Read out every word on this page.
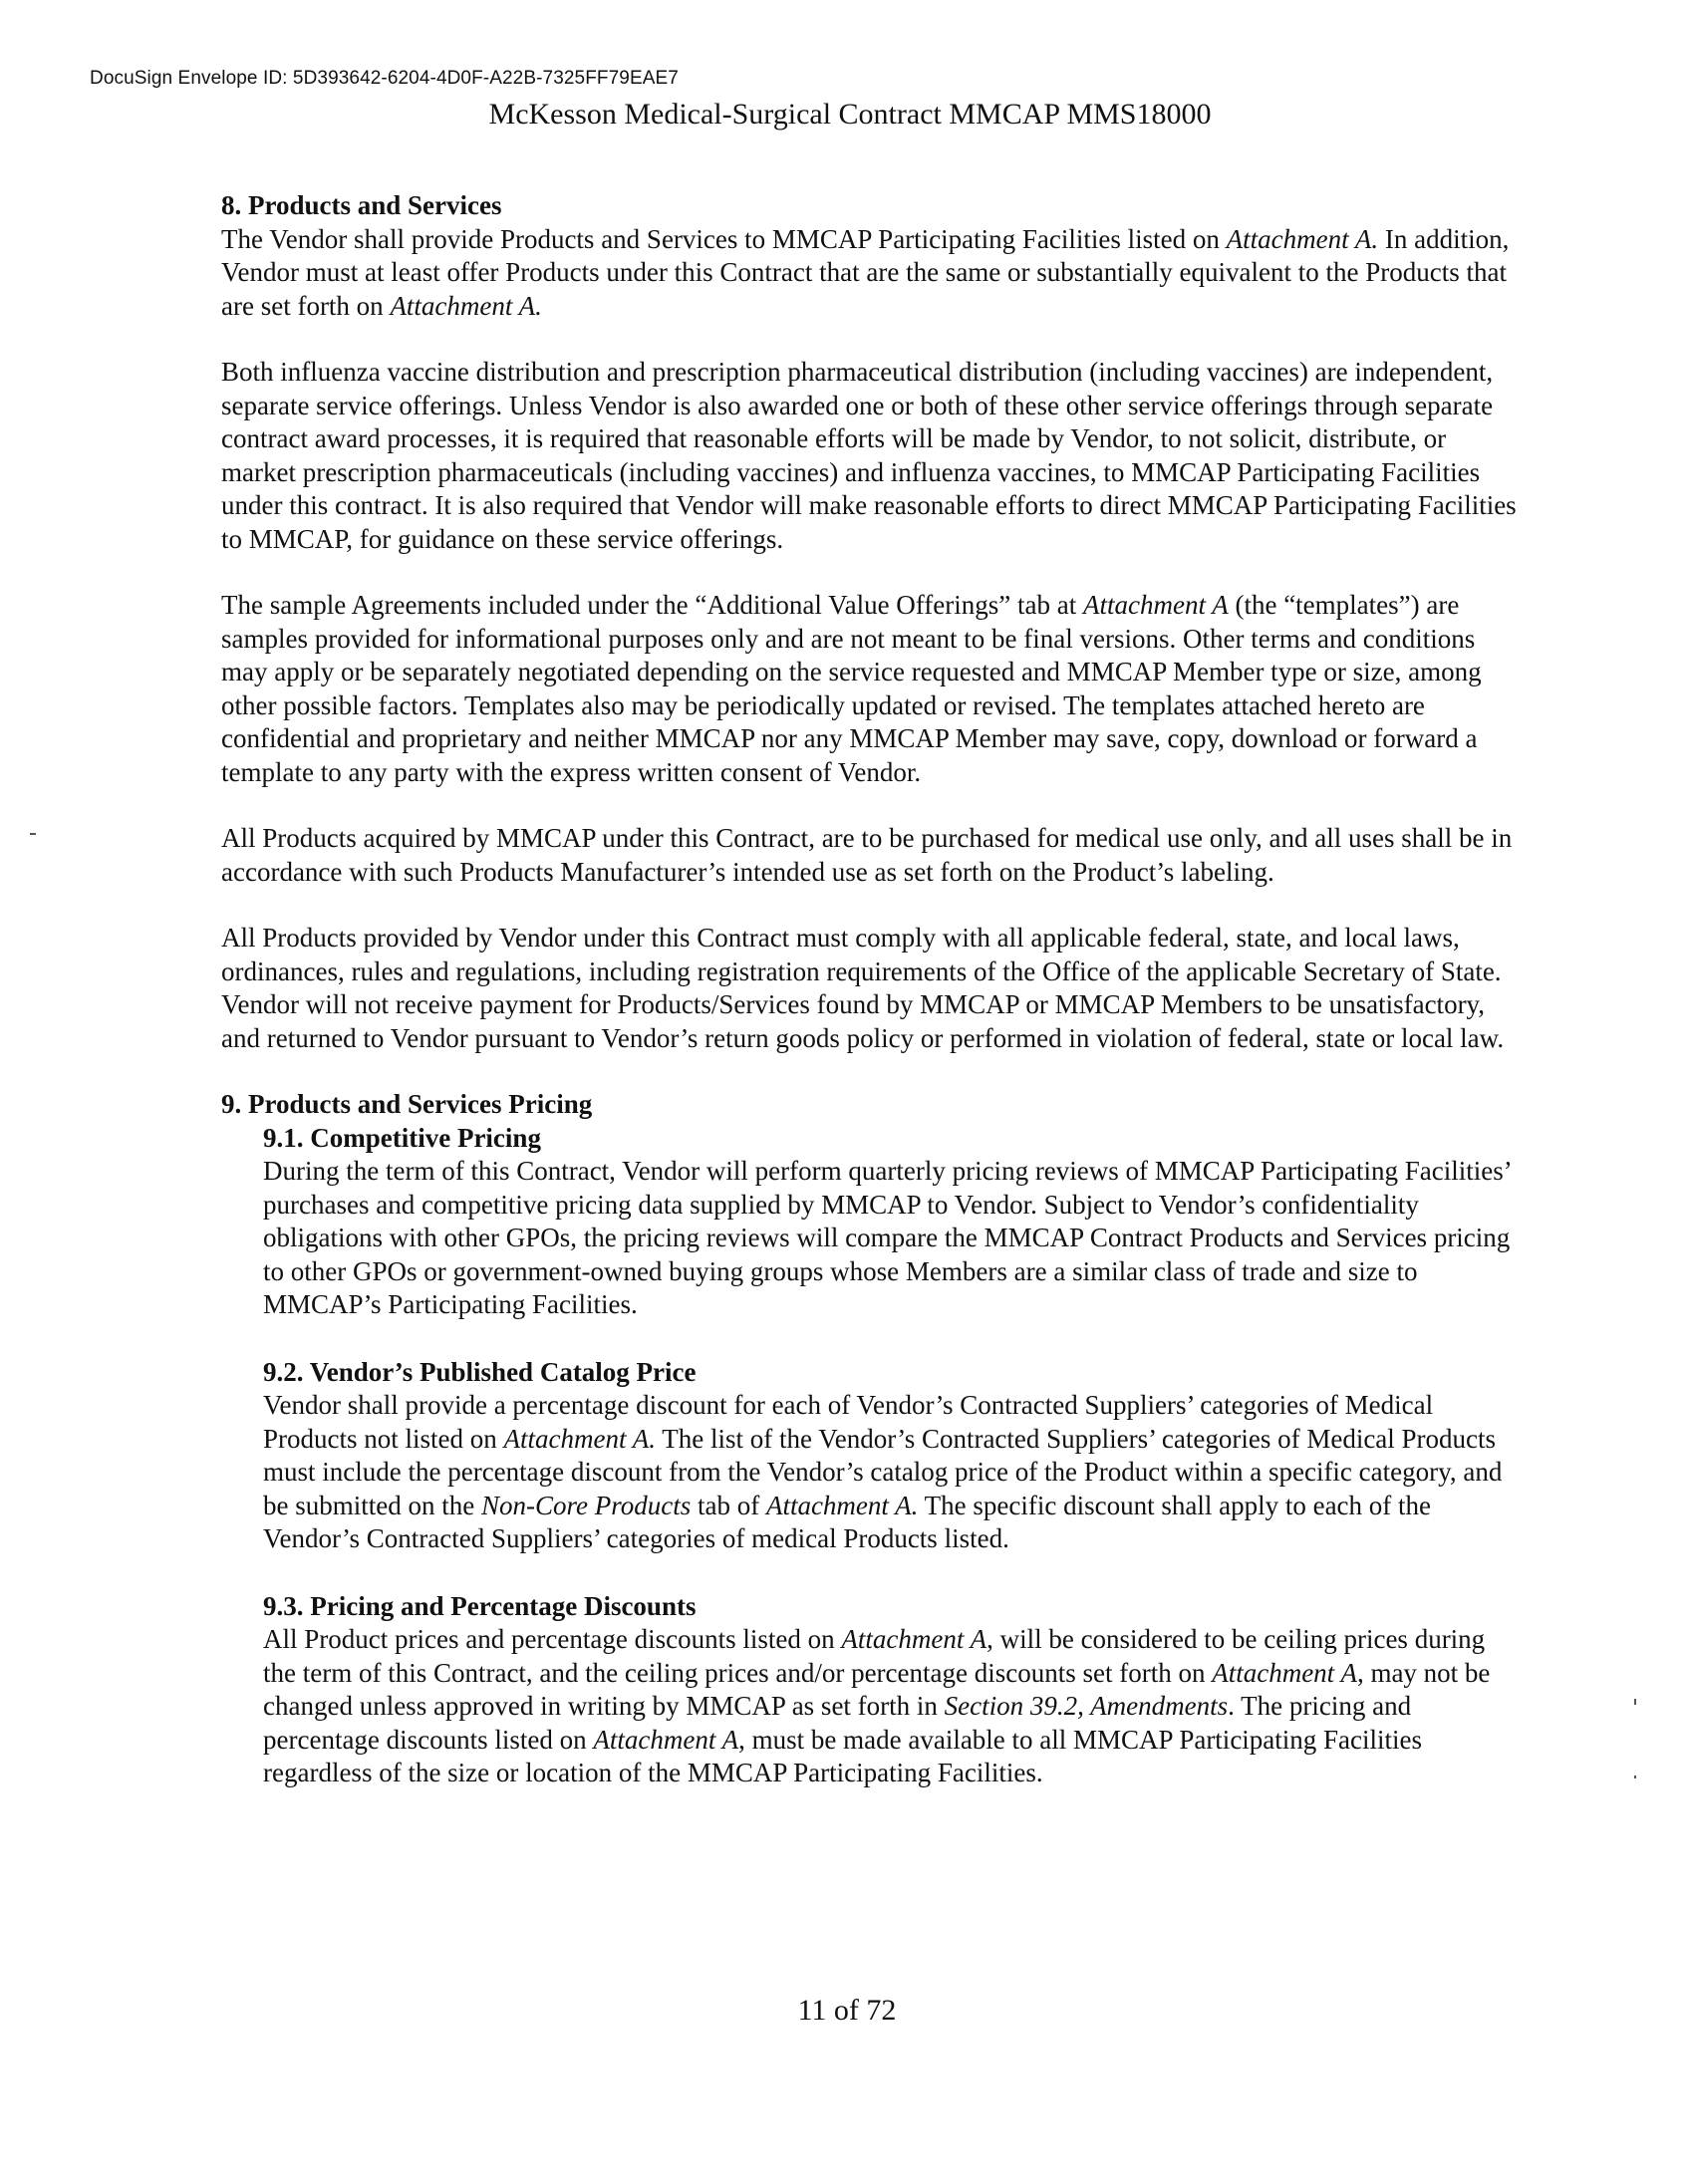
DocuSign Envelope ID: 5D393642-6204-4D0F-A22B-7325FF79EAE7
McKesson Medical-Surgical Contract MMCAP MMS18000

8. Products and Services

The Vendor shall provide Products and Services to MMCAP Participating Facilities listed on Attachment A. In addition, Vendor must at least offer Products under this Contract that are the same or substantially equivalent to the Products that are set forth on Attachment A.

Both influenza vaccine distribution and prescription pharmaceutical distribution (including vaccines) are independent, separate service offerings. Unless Vendor is also awarded one or both of these other service offerings through separate contract award processes, it is required that reasonable efforts will be made by Vendor, to not solicit, distribute, or market prescription pharmaceuticals (including vaccines) and influenza vaccines, to MMCAP Participating Facilities under this contract. It is also required that Vendor will make reasonable efforts to direct MMCAP Participating Facilities to MMCAP, for guidance on these service offerings.

The sample Agreements included under the “Additional Value Offerings” tab at Attachment A (the “templates”) are samples provided for informational purposes only and are not meant to be final versions. Other terms and conditions may apply or be separately negotiated depending on the service requested and MMCAP Member type or size, among other possible factors. Templates also may be periodically updated or revised. The templates attached hereto are confidential and proprietary and neither MMCAP nor any MMCAP Member may save, copy, download or forward a template to any party with the express written consent of Vendor.

All Products acquired by MMCAP under this Contract, are to be purchased for medical use only, and all uses shall be in accordance with such Products Manufacturer’s intended use as set forth on the Product’s labeling.

All Products provided by Vendor under this Contract must comply with all applicable federal, state, and local laws, ordinances, rules and regulations, including registration requirements of the Office of the applicable Secretary of State. Vendor will not receive payment for Products/Services found by MMCAP or MMCAP Members to be unsatisfactory, and returned to Vendor pursuant to Vendor’s return goods policy or performed in violation of federal, state or local law.

9. Products and Services Pricing

9.1. Competitive Pricing

During the term of this Contract, Vendor will perform quarterly pricing reviews of MMCAP Participating Facilities’ purchases and competitive pricing data supplied by MMCAP to Vendor. Subject to Vendor’s confidentiality obligations with other GPOs, the pricing reviews will compare the MMCAP Contract Products and Services pricing to other GPOs or government-owned buying groups whose Members are a similar class of trade and size to MMCAP’s Participating Facilities.

9.2. Vendor’s Published Catalog Price

Vendor shall provide a percentage discount for each of Vendor’s Contracted Suppliers’ categories of Medical Products not listed on Attachment A. The list of the Vendor’s Contracted Suppliers’ categories of Medical Products must include the percentage discount from the Vendor’s catalog price of the Product within a specific category, and be submitted on the Non-Core Products tab of Attachment A. The specific discount shall apply to each of the Vendor’s Contracted Suppliers’ categories of medical Products listed.

9.3. Pricing and Percentage Discounts

All Product prices and percentage discounts listed on Attachment A, will be considered to be ceiling prices during the term of this Contract, and the ceiling prices and/or percentage discounts set forth on Attachment A, may not be changed unless approved in writing by MMCAP as set forth in Section 39.2, Amendments. The pricing and percentage discounts listed on Attachment A, must be made available to all MMCAP Participating Facilities regardless of the size or location of the MMCAP Participating Facilities.

11 of 72
